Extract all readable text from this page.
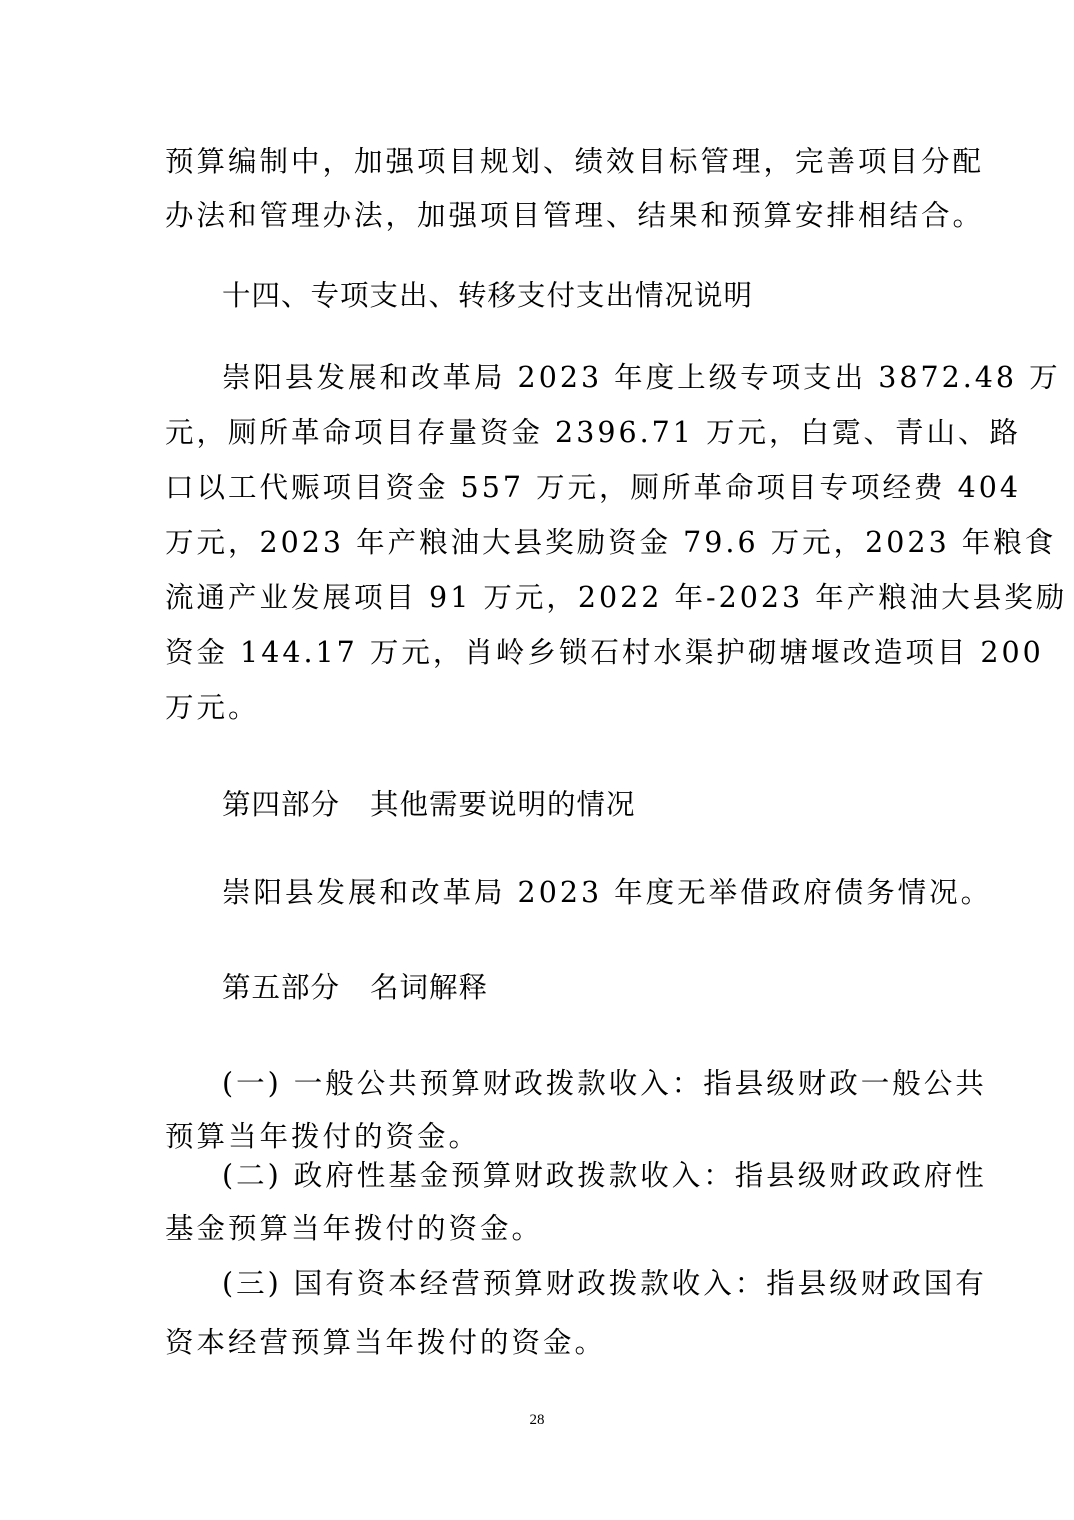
预算编制中，加强项目规划、绩效目标管理，完善项目分配
办法和管理办法，加强项目管理、结果和预算安排相结合。
十四、专项支出、转移支付支出情况说明
崇阳县发展和改革局 2023 年度上级专项支出 3872.48 万
元，厕所革命项目存量资金 2396.71 万元，白霓、青山、路
口以工代赈项目资金 557 万元，厕所革命项目专项经费 404
万元，2023 年产粮油大县奖励资金 79.6 万元，2023 年粮食
流通产业发展项目 91 万元，2022 年-2023 年产粮油大县奖励
资金 144.17 万元，肖岭乡锁石村水渠护砌塘堰改造项目 200
万元。
第四部分 其他需要说明的情况
崇阳县发展和改革局 2023 年度无举借政府债务情况。
第五部分 名词解释
(一) 一般公共预算财政拨款收入：指县级财政一般公共
预算当年拨付的资金。
(二) 政府性基金预算财政拨款收入：指县级财政政府性
基金预算当年拨付的资金。
(三) 国有资本经营预算财政拨款收入：指县级财政国有
资本经营预算当年拨付的资金。
28
